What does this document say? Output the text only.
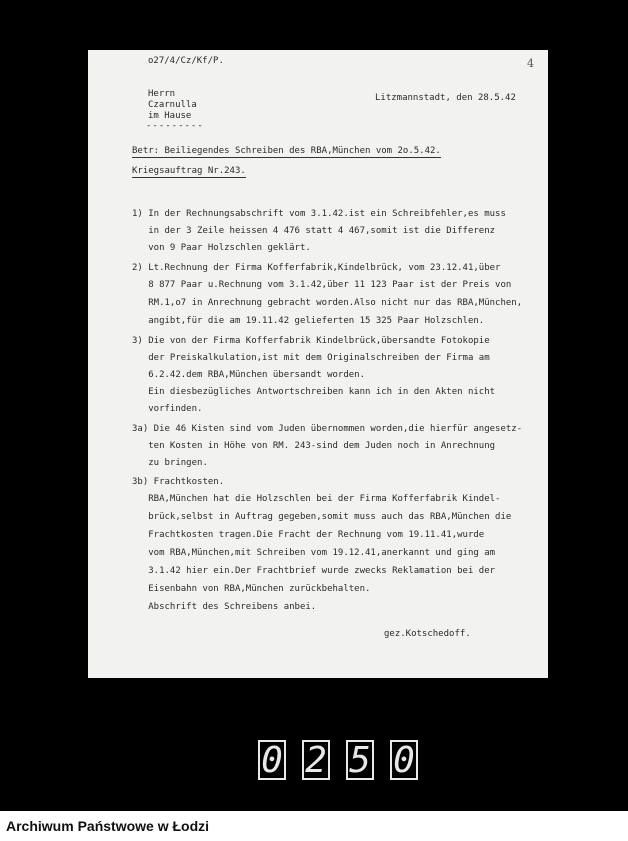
o27/4/Cz/Kf/P.	4
Herrn
Czarnulla
im Hause
---------
Litzmannstadt, den 28.5.42
Betr: Beiliegendes Schreiben des RBA,München vom 2o.5.42.
Kriegsauftrag Nr.243.
1) In der Rechnungsabschrift vom 3.1.42.ist ein Schreibfehler,es muss
in der 3 Zeile heissen 4 476 statt 4 467,somit ist die Differenz
von 9 Paar Holzschlen geklärt.
2) Lt.Rechnung der Firma Kofferfabrik,Kindelbrück, vom 23.12.41,über
8 877 Paar u.Rechnung vom 3.1.42,über 11 123 Paar ist der Preis von
RM.1,o7 in Anrechnung gebracht worden.Also nicht nur das RBA,München,
angibt,für die am 19.11.42 gelieferten 15 325 Paar Holzschlen.
3) Die von der Firma Kofferfabrik Kindelbrück,übersandte Fotokopie
der Preiskalkulation,ist mit dem Originalschreiben der Firma am
6.2.42.dem RBA,München übersandt worden.
Ein diesbezügliches Antwortschreiben kann ich in den Akten nicht
vorfinden.
3a) Die 46 Kisten sind vom Juden übernommen worden,die hierfür angesetz-
ten Kosten in Höhe von RM. 243-sind dem Juden noch in Anrechnung
zu bringen.
3b) Frachtkosten.
RBA,München hat die Holzschlen bei der Firma Kofferfabrik Kindel-
brück,selbst in Auftrag gegeben,somit muss auch das RBA,München die
Frachtkosten tragen.Die Fracht der Rechnung vom 19.11.41,wurde
vom RBA,München,mit Schreiben vom 19.12.41,anerkannt und ging am
3.1.42 hier ein.Der Frachtbrief wurde zwecks Reklamation bei der
Eisenbahn von RBA,München zurückbehalten.
Abschrift des Schreibens anbei.
gez.Kotschedoff.
0 2 5 0
Archiwum Państwowe w Łodzi
